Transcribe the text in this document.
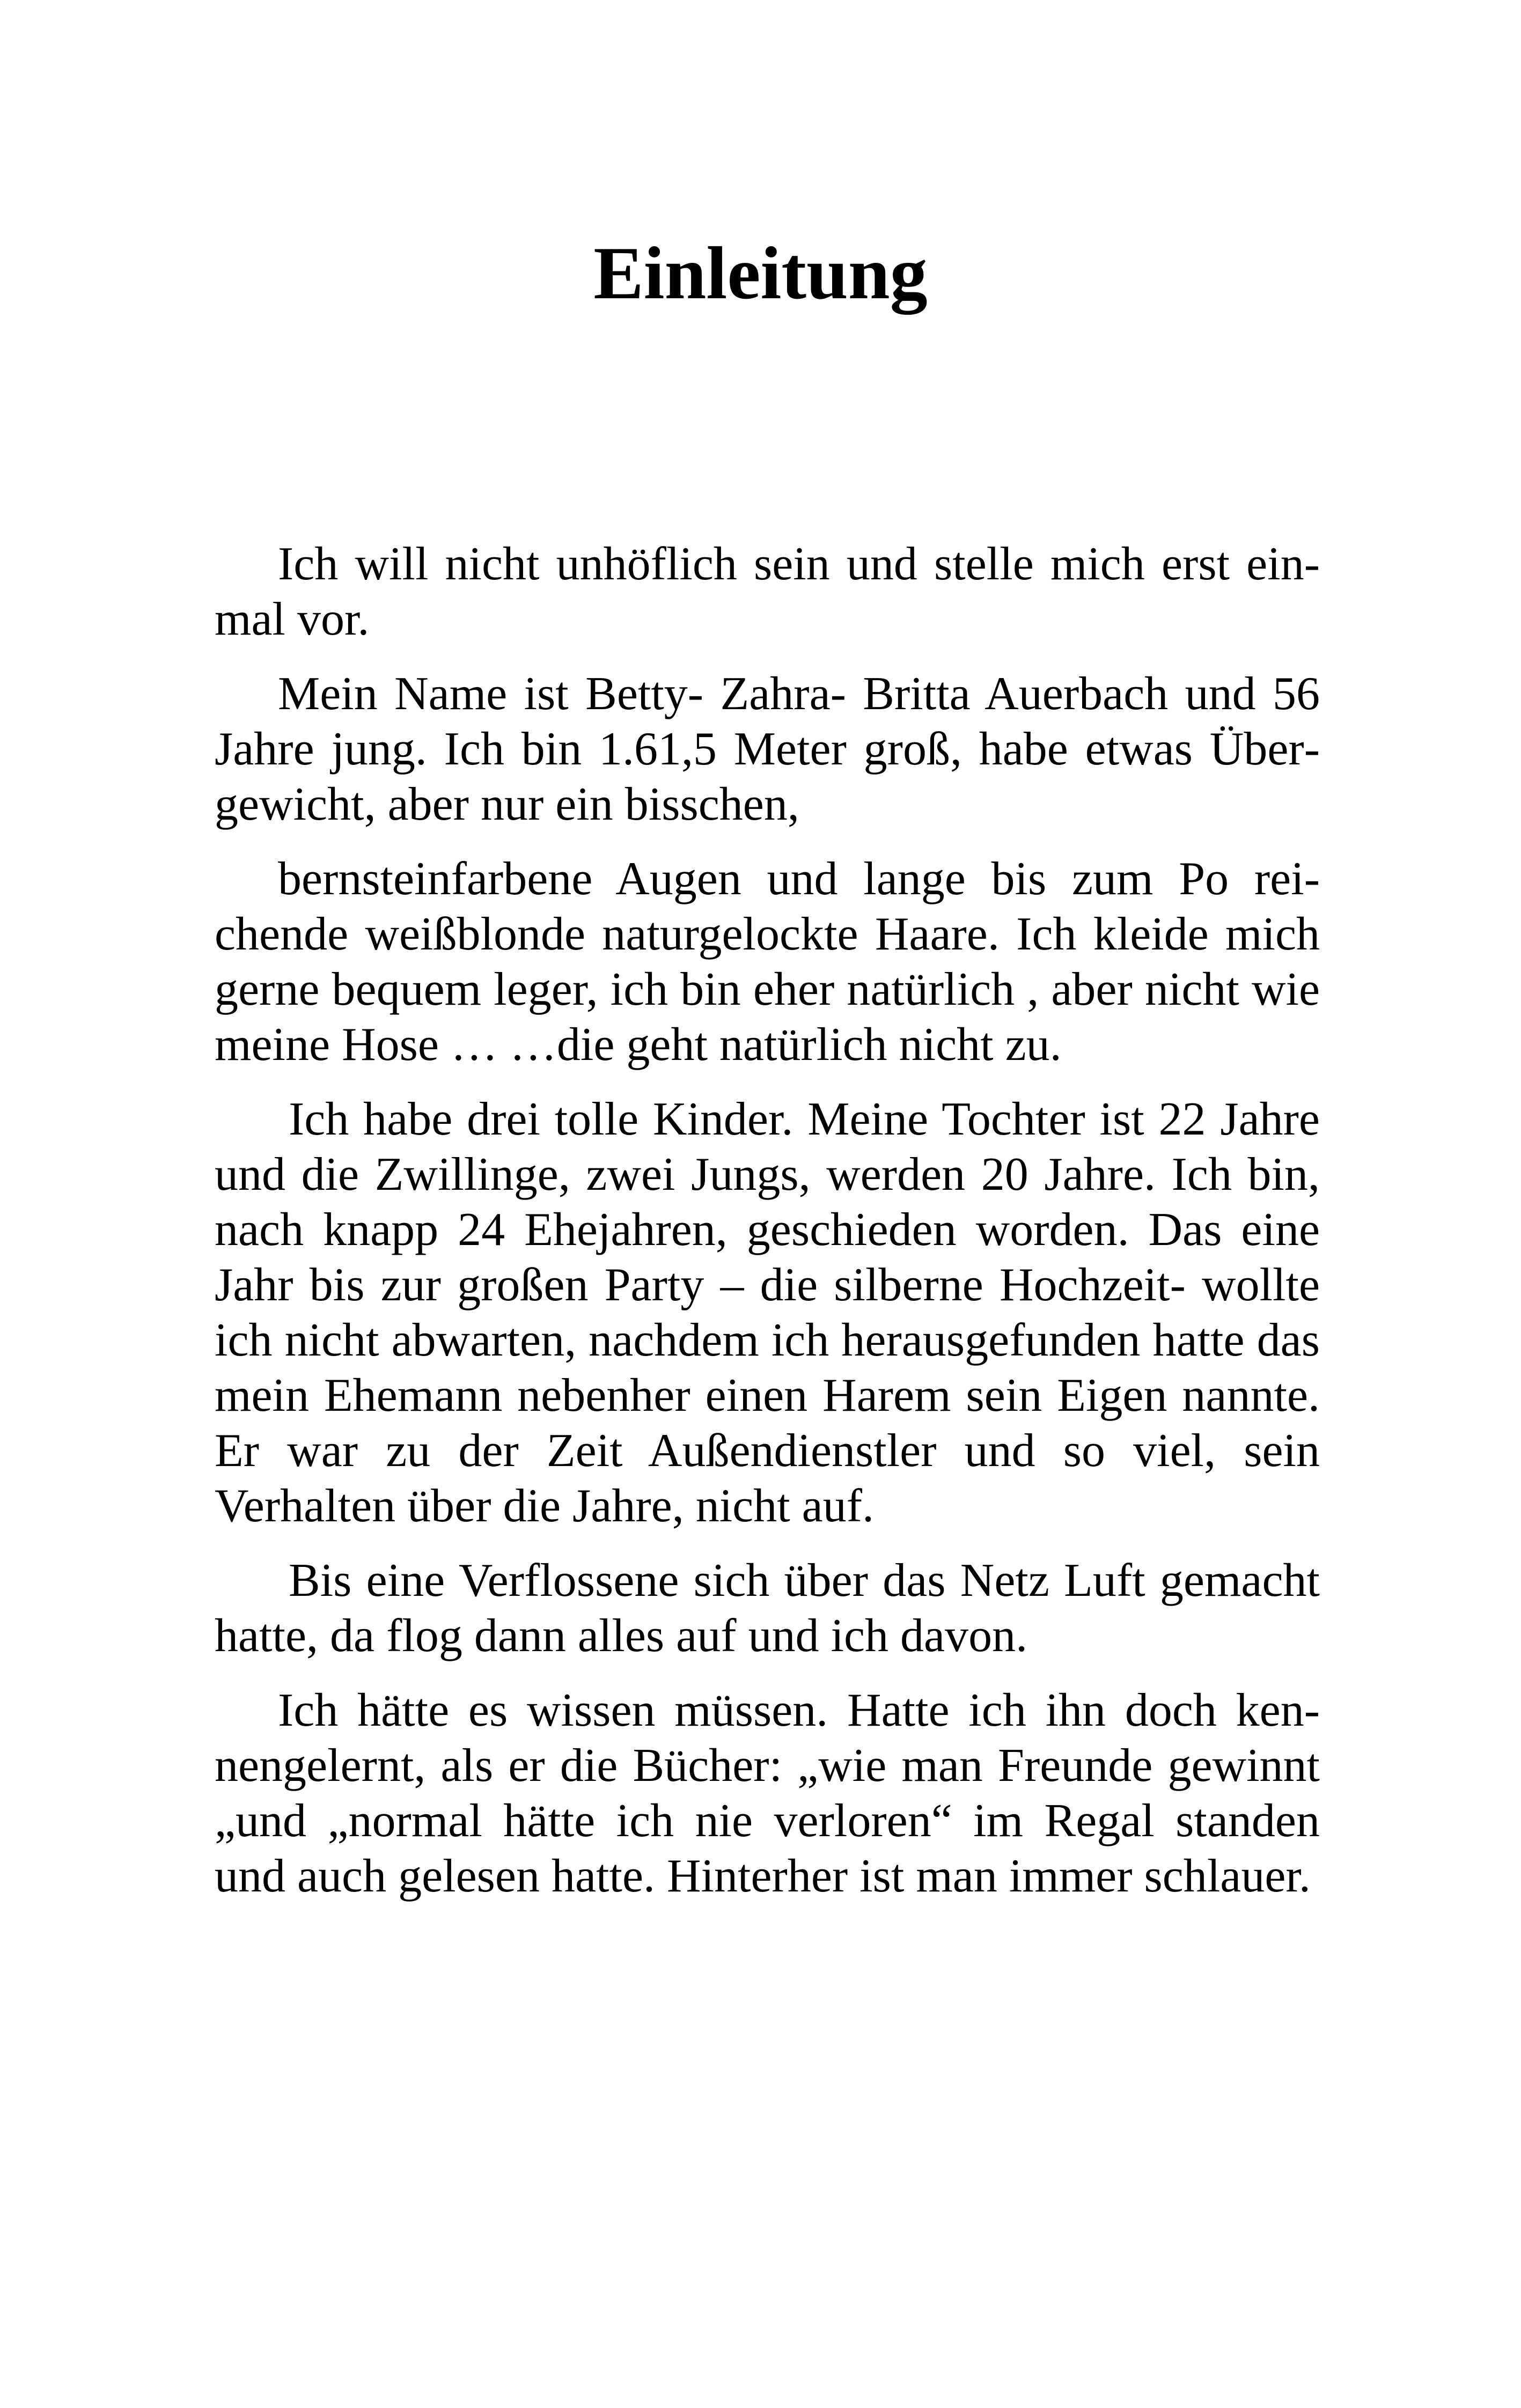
Einleitung

Ich will nicht unhöflich sein und stelle mich erst einmal vor.

Mein Name ist Betty- Zahra- Britta Auerbach und 56 Jahre jung. Ich bin 1.61,5 Meter groß, habe etwas Übergewicht, aber nur ein bisschen,

bernsteinfarbene Augen und lange bis zum Po reichende weißblonde naturgelockte Haare. Ich kleide mich gerne bequem leger, ich bin eher natürlich , aber nicht wie meine Hose … …die geht natürlich nicht zu.

Ich habe drei tolle Kinder. Meine Tochter ist 22 Jahre und die Zwillinge, zwei Jungs, werden 20 Jahre. Ich bin, nach knapp 24 Ehejahren, geschieden worden. Das eine Jahr bis zur großen Party – die silberne Hochzeit- wollte ich nicht abwarten, nachdem ich herausgefunden hatte das mein Ehemann nebenher einen Harem sein Eigen nannte. Er war zu der Zeit Außendienstler und so viel, sein Verhalten über die Jahre, nicht auf.

Bis eine Verflossene sich über das Netz Luft gemacht hatte, da flog dann alles auf und ich davon.

Ich hätte es wissen müssen. Hatte ich ihn doch kennengelernt, als er die Bücher: „wie man Freunde gewinnt „und „normal hätte ich nie verloren“ im Regal standen und auch gelesen hatte. Hinterher ist man immer schlauer.
